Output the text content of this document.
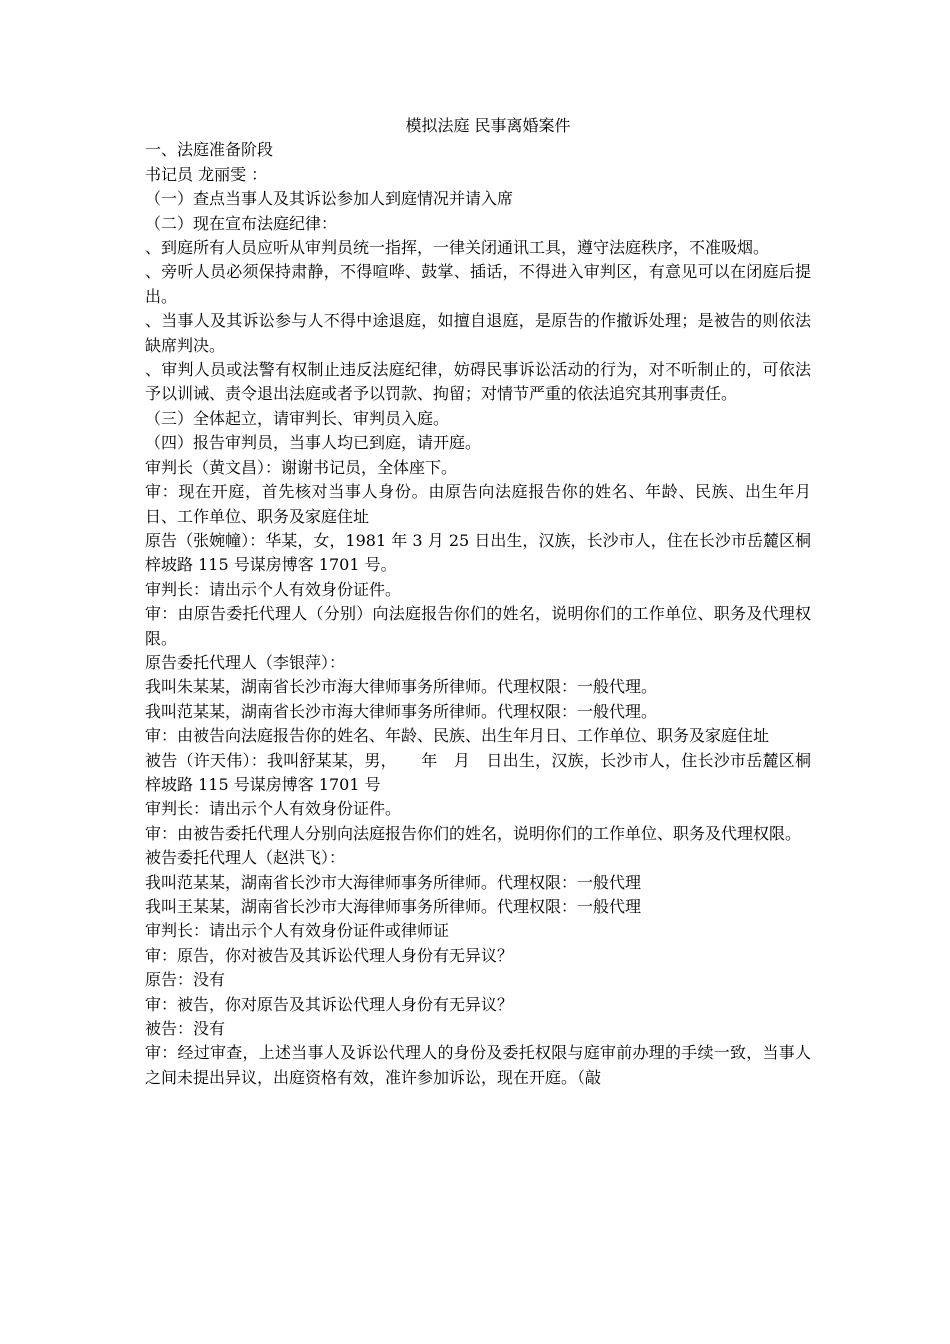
模拟法庭 民事离婚案件

一、法庭准备阶段

书记员 龙丽雯 ：

（一）查点当事人及其诉讼参加人到庭情况并请入席

（二）现在宣布法庭纪律：

、到庭所有人员应听从审判员统一指挥，一律关闭通讯工具，遵守法庭秩序，不准吸烟。

、旁听人员必须保持肃静，不得喧哗、鼓掌、插话，不得进入审判区，有意见可以在闭庭后提出。

、当事人及其诉讼参与人不得中途退庭，如擅自退庭，是原告的作撤诉处理；是被告的则依法缺席判决。

、审判人员或法警有权制止违反法庭纪律，妨碍民事诉讼活动的行为，对不听制止的，可依法予以训诫、责令退出法庭或者予以罚款、拘留；对情节严重的依法追究其刑事责任。

（三）全体起立，请审判长、审判员入庭。

（四）报告审判员，当事人均已到庭，请开庭。

审判长（黄文昌）：谢谢书记员，全体座下。

审：现在开庭，首先核对当事人身份。由原告向法庭报告你的姓名、年龄、民族、出生年月日、工作单位、职务及家庭住址

原告（张婉幢）：华某，女，1981 年 3 月 25 日出生，汉族，长沙市人，住在长沙市岳麓区桐梓坡路 115 号谋房博客 1701 号。

审判长：请出示个人有效身份证件。

审：由原告委托代理人（分别）向法庭报告你们的姓名，说明你们的工作单位、职务及代理权限。

原告委托代理人（李银萍）：

我叫朱某某，湖南省长沙市海大律师事务所律师。代理权限：一般代理。

我叫范某某，湖南省长沙市海大律师事务所律师。代理权限：一般代理。

审：由被告向法庭报告你的姓名、年龄、民族、出生年月日、工作单位、职务及家庭住址

被告（许天伟）：我叫舒某某，男，　　年　月　日出生，汉族，长沙市人，住长沙市岳麓区桐梓坡路 115 号谋房博客 1701 号

审判长：请出示个人有效身份证件。

审：由被告委托代理人分别向法庭报告你们的姓名，说明你们的工作单位、职务及代理权限。

被告委托代理人（赵洪飞）：

我叫范某某，湖南省长沙市大海律师事务所律师。代理权限：一般代理

我叫王某某，湖南省长沙市大海律师事务所律师。代理权限：一般代理

审判长：请出示个人有效身份证件或律师证

审：原告，你对被告及其诉讼代理人身份有无异议？

原告：没有

审：被告，你对原告及其诉讼代理人身份有无异议？

被告：没有

审：经过审查，上述当事人及诉讼代理人的身份及委托权限与庭审前办理的手续一致，当事人之间未提出异议，出庭资格有效，准许参加诉讼，现在开庭。（敲
